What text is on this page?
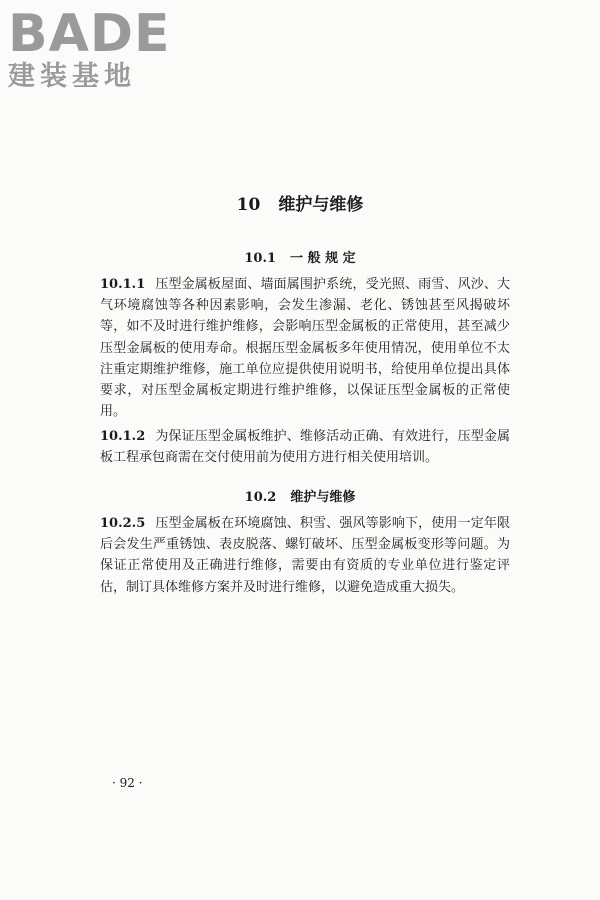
BADE
建装基地
10 维护与维修
10.1 一 般 规 定
10.1.1 压型金属板屋面、墙面属围护系统，受光照、雨雪、风沙、大气环境腐蚀等各种因素影响，会发生渗漏、老化、锈蚀甚至风揭破坏等，如不及时进行维护维修，会影响压型金属板的正常使用，甚至减少压型金属板的使用寿命。根据压型金属板多年使用情况，使用单位不太注重定期维护维修，施工单位应提供使用说明书，给使用单位提出具体要求，对压型金属板定期进行维护维修，以保证压型金属板的正常使用。
10.1.2 为保证压型金属板维护、维修活动正确、有效进行，压型金属板工程承包商需在交付使用前为使用方进行相关使用培训。
10.2 维护与维修
10.2.5 压型金属板在环境腐蚀、积雪、强风等影响下，使用一定年限后会发生严重锈蚀、表皮脱落、螺钉破坏、压型金属板变形等问题。为保证正常使用及正确进行维修，需要由有资质的专业单位进行鉴定评估，制订具体维修方案并及时进行维修，以避免造成重大损失。
· 92 ·
